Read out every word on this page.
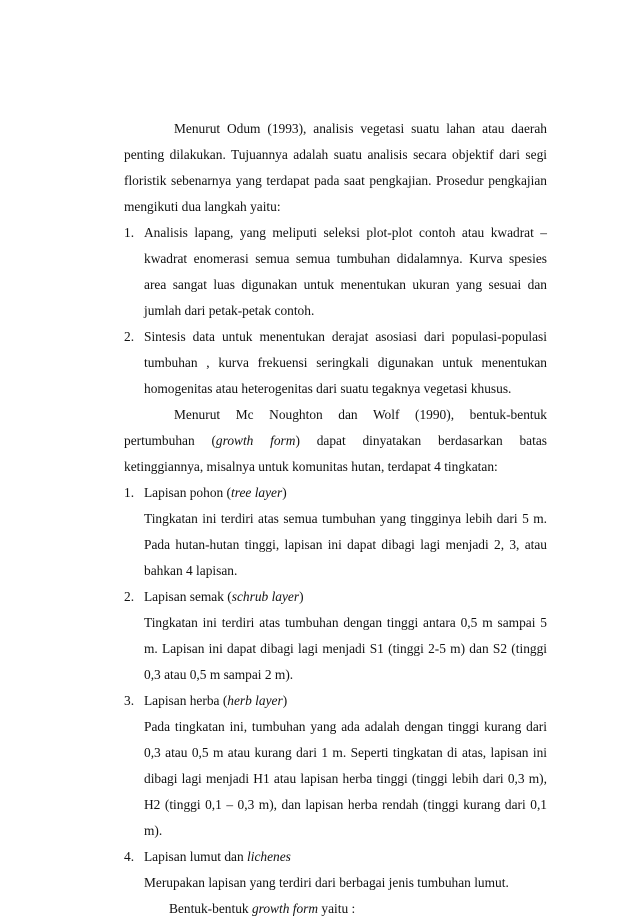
Menurut Odum (1993), analisis vegetasi suatu lahan atau daerah penting dilakukan. Tujuannya adalah suatu analisis secara objektif dari segi floristik sebenarnya yang terdapat pada saat pengkajian. Prosedur pengkajian mengikuti dua langkah yaitu:

1. Analisis lapang, yang meliputi seleksi plot-plot contoh atau kwadrat – kwadrat enomerasi semua semua tumbuhan didalamnya. Kurva spesies area sangat luas digunakan untuk menentukan ukuran yang sesuai dan jumlah dari petak-petak contoh.
2. Sintesis data untuk menentukan derajat asosiasi dari populasi-populasi tumbuhan , kurva frekuensi seringkali digunakan untuk menentukan homogenitas atau heterogenitas dari suatu tegaknya vegetasi khusus.

Menurut Mc Noughton dan Wolf (1990), bentuk-bentuk pertumbuhan (growth form) dapat dinyatakan berdasarkan batas ketinggiannya, misalnya untuk komunitas hutan, terdapat 4 tingkatan:

1. Lapisan pohon (tree layer)
Tingkatan ini terdiri atas semua tumbuhan yang tingginya lebih dari 5 m. Pada hutan-hutan tinggi, lapisan ini dapat dibagi lagi menjadi 2, 3, atau bahkan 4 lapisan.
2. Lapisan semak (schrub layer)
Tingkatan ini terdiri atas tumbuhan dengan tinggi antara 0,5 m sampai 5 m. Lapisan ini dapat dibagi lagi menjadi S1 (tinggi 2-5 m) dan S2 (tinggi 0,3 atau 0,5 m sampai 2 m).
3. Lapisan herba (herb layer)
Pada tingkatan ini, tumbuhan yang ada adalah dengan tinggi kurang dari 0,3 atau 0,5 m atau kurang dari 1 m. Seperti tingkatan di atas, lapisan ini dibagi lagi menjadi H1 atau lapisan herba tinggi (tinggi lebih dari 0,3 m), H2 (tinggi 0,1 – 0,3 m), dan lapisan herba rendah (tinggi kurang dari 0,1 m).
4. Lapisan lumut dan lichenes
Merupakan lapisan yang terdiri dari berbagai jenis tumbuhan lumut.

Bentuk-bentuk growth form yaitu :
